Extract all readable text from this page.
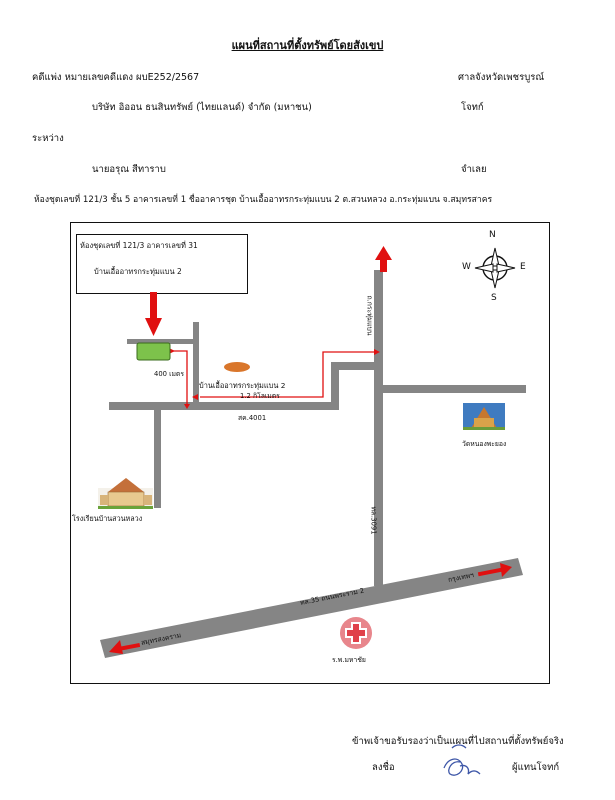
แผนที่สถานที่ตั้งทรัพย์โดยสังเขป
คดีแพ่ง หมายเลขคดีแดง ผบE252/2567	ศาลจังหวัดเพชรบูรณ์
บริษัท อิออน ธนสินทรัพย์ (ไทยแลนด์) จำกัด (มหาชน)	โจทก์
ระหว่าง
นายอรุณ สีทาราบ	จำเลย
ห้องชุดเลขที่ 121/3 ชั้น 5 อาคารเลขที่ 1 ชื่ออาคารชุด บ้านเอื้ออาทรกระทุ่มแบน 2 ต.สวนหลวง อ.กระทุ่มแบน จ.สมุทรสาคร
ห้องชุดเลขที่ 121/3 อาคารเลขที่ 31
บ้านเอื้ออาทรกระทุ่มแบน 2
N
S
W	E
400 เมตร
บ้านเอื้ออาทรกระทุ่มแบน 2
1.2 กิโลเมตร
สค.4001
ถ.กระทุ่มแบน
ทล.3091
วัดหนองพะยอง
โรงเรียนบ้านสวนหลวง
ทล.35 ถนนพระราม 2
กรุงเทพฯ
สมุทรสงคราม
ร.พ.มหาชัย
ข้าพเจ้าขอรับรองว่าเป็นแผนที่ไปสถานที่ตั้งทรัพย์จริง
ลงชื่อ	ผู้แทนโจทก์
